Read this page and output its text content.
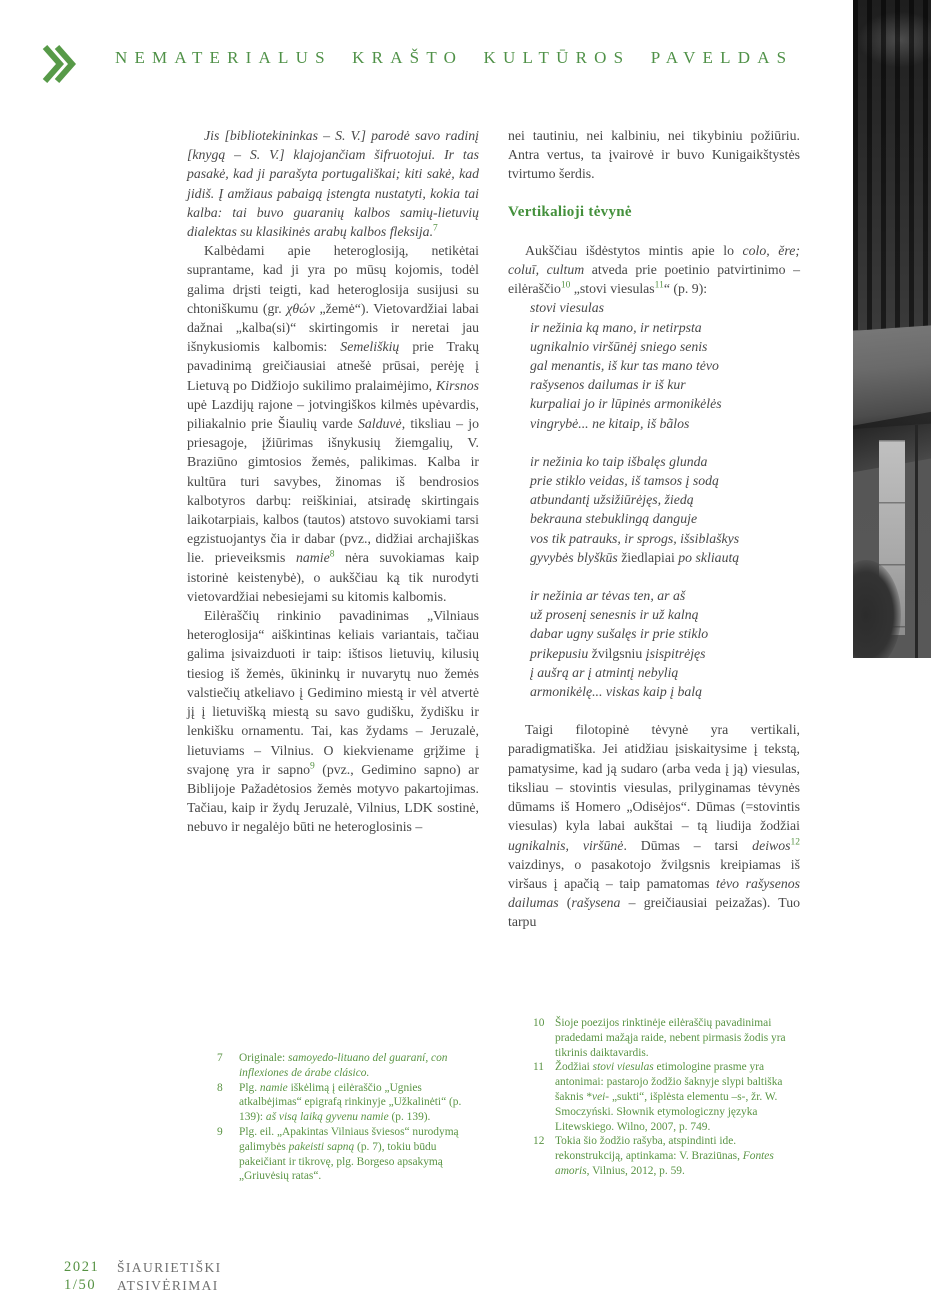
NEMATERIALUS KRAŠTO KULTŪROS PAVELDAS

Jis [bibliotekininkas – S. V.] parodė savo radinį [knygą – S. V.] klajojančiam šifruotojui. Ir tas pasakė, kad ji parašyta portugališkai; kiti sakė, kad jidiš. Į amžiaus pabaigą įstengta nustatyti, kokia tai kalba: tai buvo guaranių kalbos samių-lietuvių dialektas su klasikinės arabų kalbos fleksija.$^7$

Kalbėdami apie heteroglosiją, netikėtai suprantame, kad ji yra po mūsų kojomis, todėl galima drįsti teigti, kad heteroglosija susijusi su chtoniškumu (gr. χθών „žemė“). Vietovardžiai labai dažnai „kalba(si)“ skirtingomis ir neretai jau išnykusiomis kalbomis: Semeliškių prie Trakų pavadinimą greičiausiai atnešė prūsai, perėję į Lietuvą po Didžiojo sukilimo pralaimėjimo, Kirsnos upė Lazdijų rajone – jotvingiškos kilmės upėvardis, piliakalnio prie Šiaulių varde Salduvė, tiksliau – jo priesagoje, įžiūrimas išnykusių žiemgalių, V. Braziūno gimtosios žemės, palikimas. Kalba ir kultūra turi savybes, žinomas iš bendrosios kalbotyros darbų: reiškiniai, atsiradę skirtingais laikotarpiais, kalbos (tautos) atstovo suvokiami tarsi egzistuojantys čia ir dabar (pvz., didžiai archajiškas lie. prieveiksmis namie$^8$ nėra suvokiamas kaip istorinė keistenybė), o aukščiau ką tik nurodyti vietovardžiai nebesiejami su kitomis kalbomis.

Eilėraščių rinkinio pavadinimas „Vilniaus heteroglosija“ aiškintinas keliais variantais, tačiau galima įsivaizduoti ir taip: ištisos lietuvių, kilusių tiesiog iš žemės, ūkininkų ir nuvarytų nuo žemės valstiečių atkeliavo į Gedimino miestą ir vėl atvertė jį į lietuvišką miestą su savo gudišku, žydišku ir lenkišku ornamentu. Tai, kas žydams – Jeruzalė, lietuviams – Vilnius. O kiekviename grįžime į svajonę yra ir sapno$^9$ (pvz., Gedimino sapno) ar Biblijoje Pažadėtosios žemės motyvo pakartojimas. Tačiau, kaip ir žydų Jeruzalė, Vilnius, LDK sostinė, nebuvo ir negalėjo būti ne heteroglosinis –

nei tautiniu, nei kalbiniu, nei tikybiniu požiūriu. Antra vertus, ta įvairovė ir buvo Kunigaikštystės tvirtumo šerdis.

Vertikalioji tėvynė

Aukščiau išdėstytos mintis apie lo colo, ĕre; coluī, cultum atveda prie poetinio patvirtinimo – eilėraščio$^{10}$ „stovi viesulas$^{11}$“ (p. 9):

stovi viesulas
ir nežinia ką mano, ir netirpsta
ugnikalnio viršūnėj sniego senis
gal menantis, iš kur tas mano tėvo
rašysenos dailumas ir iš kur
kurpaliai jo ir lūpinės armonikėlės
vingrybė... ne kitaip, iš bãlos
ir nežinia ko taip išbalęs glunda
prie stiklo veidas, iš tamsos į sodą
atbundantį užsižiūrėjęs, žiedą
bekrauna stebuklingą danguje
vos tik patrauks, ir sprogs, išsiblaškys
gyvybės blyškūs žiedlapiai po skliautą
ir nežinia ar tėvas ten, ar aš
už prosenį senesnis ir už kalną
dabar ugny sušalęs ir prie stiklo
prikepusiu žvilgsniu įsispitrėjęs
į aušrą ar į atmintį nebylią
armonikėlę... viskas kaip į balą

Taigi filotopinė tėvynė yra vertikali, paradigmatiška. Jei atidžiau įsiskaitysime į tekstą, pamatysime, kad ją sudaro (arba veda į ją) viesulas, tiksliau – stovintis viesulas, prilyginamas tėvynės dūmams iš Homero „Odisėjos“. Dūmas (=stovintis viesulas) kyla labai aukštai – tą liudija žodžiai ugnikalnis, viršūnė. Dūmas – tarsi deiwos$^{12}$ vaizdinys, o pasakotojo žvilgsnis kreipiamas iš viršaus į apačią – taip pamatomas tėvo rašysenos dailumas (rašysena – greičiausiai peizažas). Tuo tarpu

7	Originale: samoyedo-lituano del guaraní, con inflexiones de árabe clásico.
8	Plg. namie iškėlimą į eilėraščio „Ugnies atkalbėjimas“ epigrafą rinkinyje „Užkalinėti“ (p. 139): aš visą laiką gyvenu namie (p. 139).
9	Plg. eil. „Apakintas Vilniaus šviesos“ nurodymą galimybės pakeisti sapną (p. 7), tokiu būdu pakeičiant ir tikrovę, plg. Borgeso apsakymą „Griuvėsių ratas“.
10 Šioje poezijos rinktinėje eilėraščių pavadinimai pradedami mažąja raide, nebent pirmasis žodis yra tikrinis daiktavardis.
11 Žodžiai stovi viesulas etimologine prasme yra antonimai: pastarojo žodžio šaknyje slypi baltiška šaknis *vei- „sukti“, išplėsta elementu –s-, žr. W. Smoczyński. Słownik etymologiczny języka Litewskiego. Wilno, 2007, p. 749.
12 Tokia šio žodžio rašyba, atspindinti ide. rekonstrukciją, aptinkama: V. Braziūnas, Fontes amoris, Vilnius, 2012, p. 59.
2021
1/50
ŠIAURIETIŠKI
ATSIVĖRIMAI
